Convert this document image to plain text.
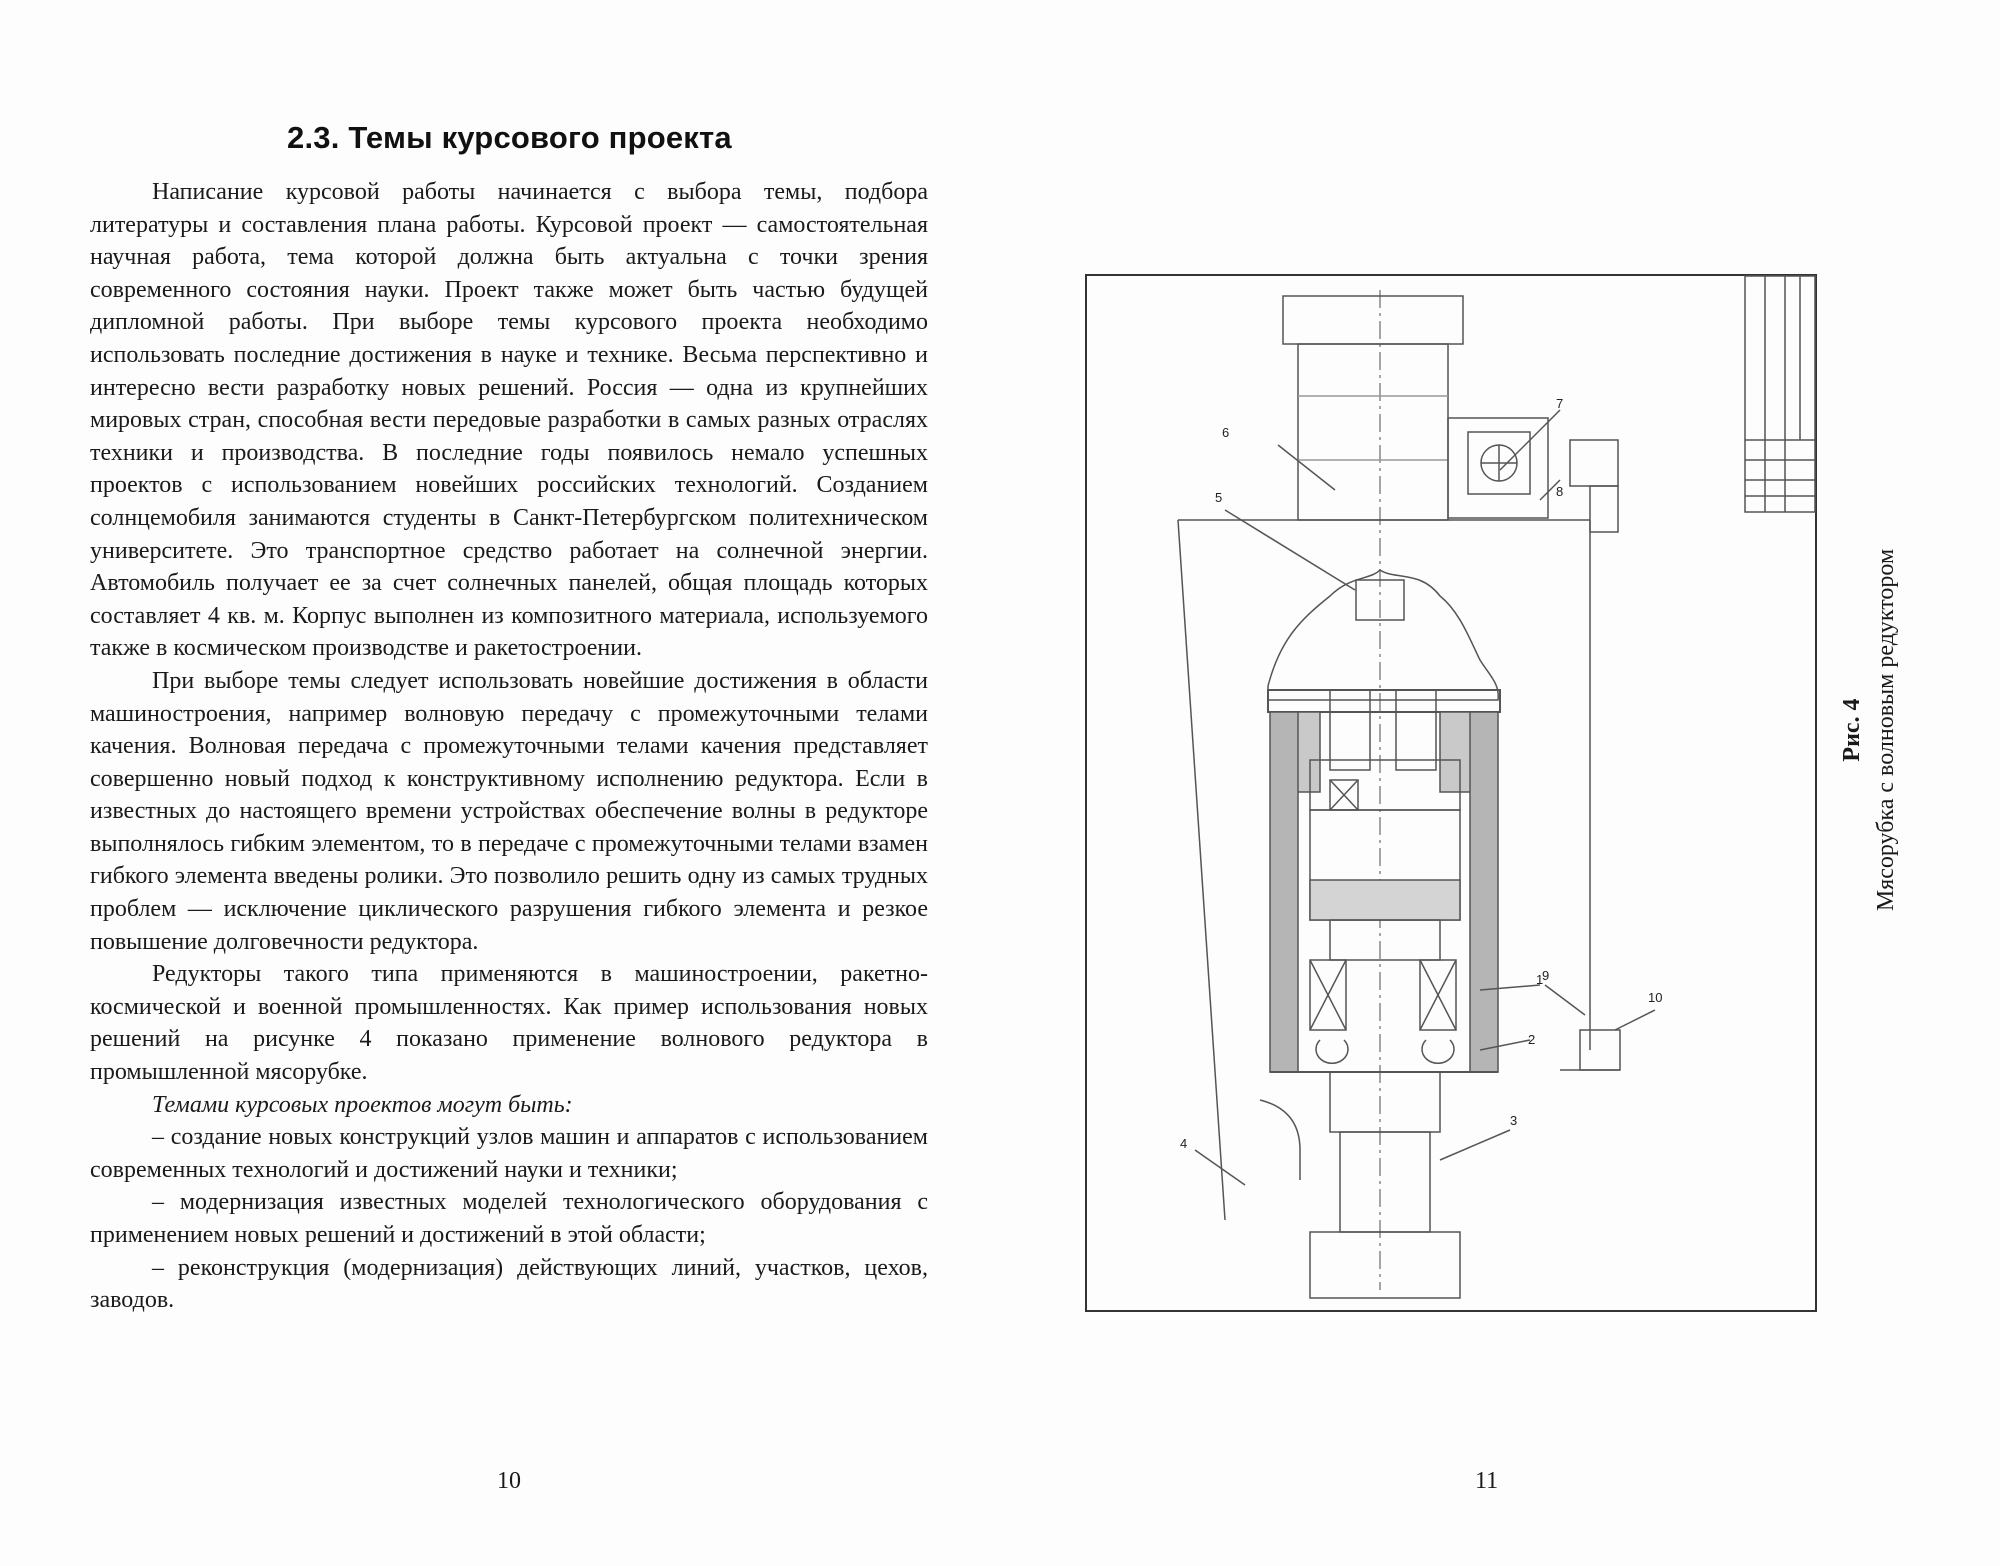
2.3. Темы курсового проекта

Написание курсовой работы начинается с выбора темы, подбора литературы и составления плана работы. Курсовой проект — самостоятельная научная работа, тема которой должна быть актуальна с точки зрения современного состояния науки. Проект также может быть частью будущей дипломной работы. При выборе темы курсового проекта необходимо использовать последние достижения в науке и технике. Весьма перспективно и интересно вести разработку новых решений. Россия — одна из крупнейших мировых стран, способная вести передовые разработки в самых разных отраслях техники и производства. В последние годы появилось немало успешных проектов с использованием новейших российских технологий. Созданием солнцемобиля занимаются студенты в Санкт-Петербургском политехническом университете. Это транспортное средство работает на солнечной энергии. Автомобиль получает ее за счет солнечных панелей, общая площадь которых составляет 4 кв. м. Корпус выполнен из композитного материала, используемого также в космическом производстве и ракетостроении.

При выборе темы следует использовать новейшие достижения в области машиностроения, например волновую передачу с промежуточными телами качения. Волновая передача с промежуточными телами качения представляет совершенно новый подход к конструктивному исполнению редуктора. Если в известных до настоящего времени устройствах обеспечение волны в редукторе выполнялось гибким элементом, то в передаче с промежуточными телами взамен гибкого элемента введены ролики. Это позволило решить одну из самых трудных проблем — исключение циклического разрушения гибкого элемента и резкое повышение долговечности редуктора.

Редукторы такого типа применяются в машиностроении, ракетно-космической и военной промышленностях. Как пример использования новых решений на рисунке 4 показано применение волнового редуктора в промышленной мясорубке.

Темами курсовых проектов могут быть:

– создание новых конструкций узлов машин и аппаратов с использованием современных технологий и достижений науки и техники;

– модернизация известных моделей технологического оборудования с применением новых решений и достижений в этой области;

– реконструкция (модернизация) действующих линий, участков, цехов, заводов.

10
1
2
3
4
5
6
7
8
9
10
Рис. 4 Мясорубка с волновым редуктором
11
